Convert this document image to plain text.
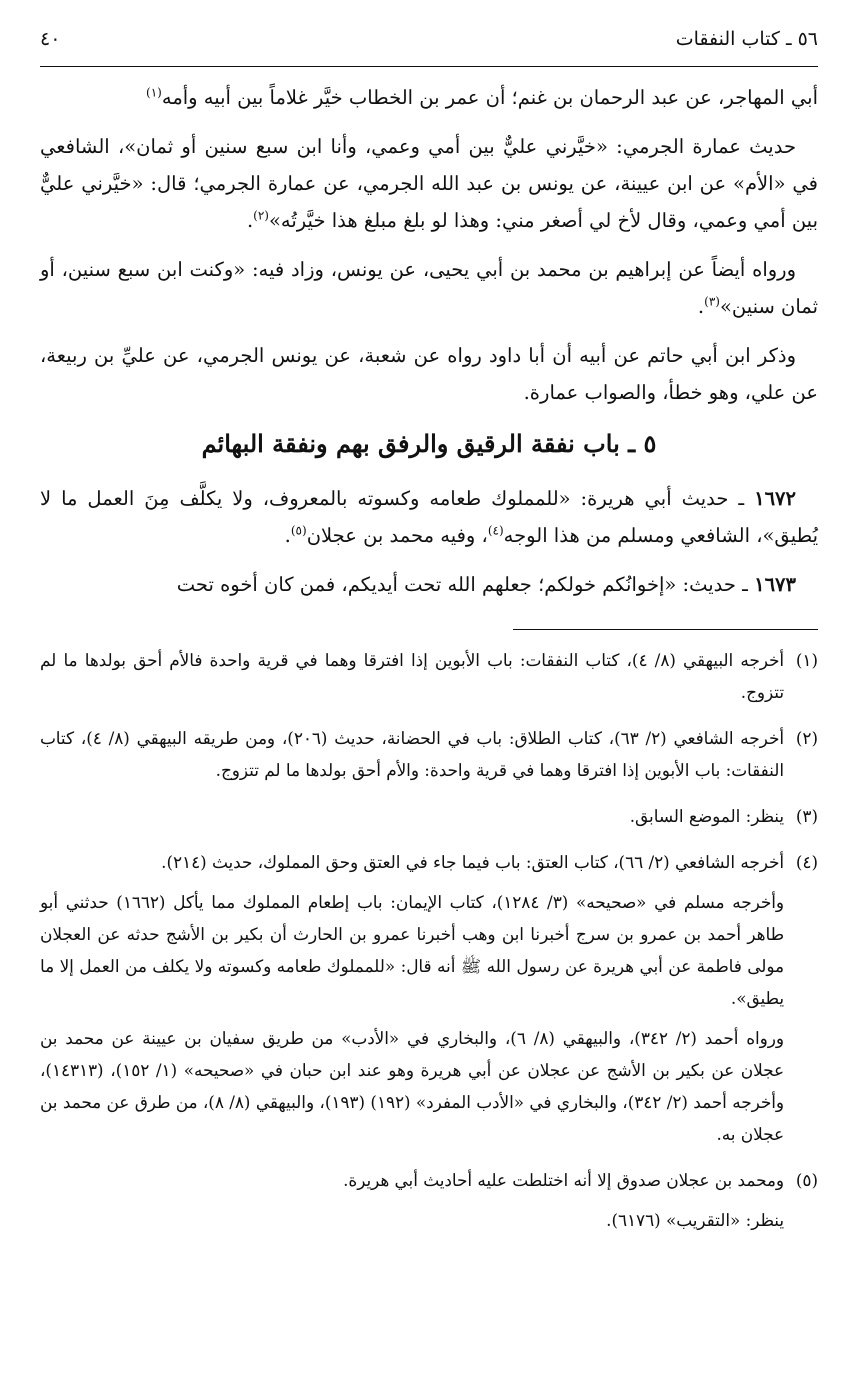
٥٦ ـ كتاب النفقات
٤٠

أبي المهاجر، عن عبد الرحمان بن غنم؛ أن عمر بن الخطاب خيَّر غلاماً بين أبيه وأمه$^{(١)}$

حديث عمارة الجرمي: «خيَّرني عليٌّ بين أمي وعمي، وأنا ابن سبع سنين أو ثمان»، الشافعي في «الأم» عن ابن عيينة، عن يونس بن عبد الله الجرمي، عن عمارة الجرمي؛ قال: «خيَّرني عليٌّ بين أمي وعمي، وقال لأخ لي أصغر مني: وهذا لو بلغ مبلغ هذا خيَّرتُه»$^{(٢)}$.

ورواه أيضاً عن إبراهيم بن محمد بن أبي يحيى، عن يونس، وزاد فيه: «وكنت ابن سبع سنين، أو ثمان سنين»$^{(٣)}$.

وذكر ابن أبي حاتم عن أبيه أن أبا داود رواه عن شعبة، عن يونس الجرمي، عن عليِّ بن ربيعة، عن علي، وهو خطأ، والصواب عمارة.

٥ ـ باب نفقة الرقيق والرفق بهم ونفقة البهائم

١٦٧٢ ـ حديث أبي هريرة: «للمملوك طعامه وكسوته بالمعروف، ولا يكلَّف مِنَ العمل ما لا يُطيق»، الشافعي ومسلم من هذا الوجه$^{(٤)}$، وفيه محمد بن عجلان$^{(٥)}$.

١٦٧٣ ـ حديث: «إخوانُكم خولكم؛ جعلهم الله تحت أيديكم، فمن كان أخوه تحت

(١)

أخرجه البيهقي (٨/ ٤)، كتاب النفقات: باب الأبوين إذا افترقا وهما في قرية واحدة فالأم أحق بولدها ما لم تتزوج.

(٢)

أخرجه الشافعي (٢/ ٦٣)، كتاب الطلاق: باب في الحضانة، حديث (٢٠٦)، ومن طريقه البيهقي (٨/ ٤)، كتاب النفقات: باب الأبوين إذا افترقا وهما في قرية واحدة: والأم أحق بولدها ما لم تتزوج.

(٣)

ينظر: الموضع السابق.

(٤)

أخرجه الشافعي (٢/ ٦٦)، كتاب العتق: باب فيما جاء في العتق وحق المملوك، حديث (٢١٤).

وأخرجه مسلم في «صحيحه» (٣/ ١٢٨٤)، كتاب الإيمان: باب إطعام المملوك مما يأكل (١٦٦٢) حدثني أبو طاهر أحمد بن عمرو بن سرج أخبرنا ابن وهب أخبرنا عمرو بن الحارث أن بكير بن الأشج حدثه عن العجلان مولى فاطمة عن أبي هريرة عن رسول الله ﷺ أنه قال: «للمملوك طعامه وكسوته ولا يكلف من العمل إلا ما يطيق».

ورواه أحمد (٢/ ٣٤٢)، والبيهقي (٨/ ٦)، والبخاري في «الأدب» من طريق سفيان بن عيينة عن محمد بن عجلان عن بكير بن الأشج عن عجلان عن أبي هريرة وهو عند ابن حبان في «صحيحه» (١/ ١٥٢)، (١٤٣١٣)، وأخرجه أحمد (٢/ ٣٤٢)، والبخاري في «الأدب المفرد» (١٩٢) (١٩٣)، والبيهقي (٨/ ٨)، من طرق عن محمد بن عجلان به.

(٥)

ومحمد بن عجلان صدوق إلا أنه اختلطت عليه أحاديث أبي هريرة.

ينظر: «التقريب» (٦١٧٦).
